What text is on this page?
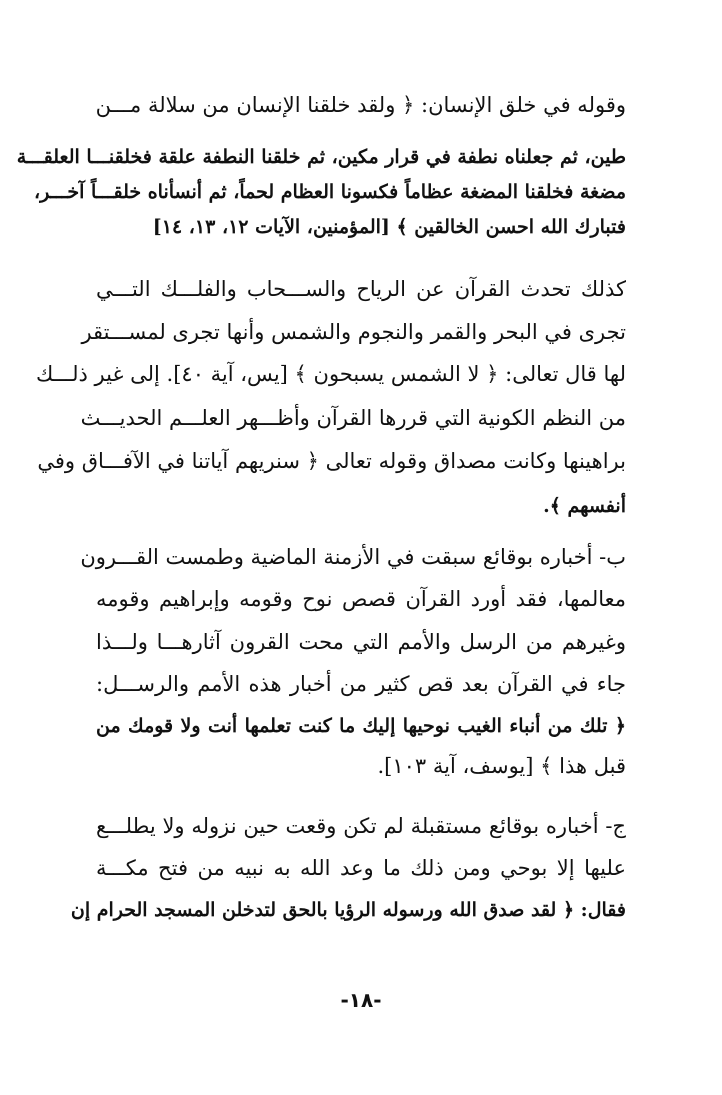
وقوله في خلق الإنسان: ﴿ ولقد خلقنا الإنسان من سلالة مـــن
طين، ثم جعلناه نطفة في قرار مكين، ثم خلقنا النطفة علقة فخلقنـــا العلقـــة
مضغة فخلقنا المضغة عظاماً فكسونا العظام لحماً، ثم أنسأناه خلقـــاً آخـــر،
فتبارك الله احسن الخالقين ﴾ [المؤمنين، الآيات ١٢، ١٣، ١٤]
كذلك تحدث القرآن عن الرياح والســـحاب والفلـــك التـــي
تجرى في البحر والقمر والنجوم والشمس وأنها تجرى لمســـتقر
لها قال تعالى: ﴿ لا الشمس يسبحون ﴾ [يس، آية ٤٠]. إلى غير ذلـــك
من النظم الكونية التي قررها القرآن وأظـــهر العلـــم الحديـــث
براهينها وكانت مصداق وقوله تعالى ﴿ سنريهم آياتنا في الآفـــاق وفي
أنفسهم ﴾.
ب- أخباره بوقائع سبقت في الأزمنة الماضية وطمست القـــرون
معالمها، فقد أورد القرآن قصص نوح وقومه وإبراهيم وقومه
وغيرهم من الرسل والأمم التي محت القرون آثارهـــا ولـــذا
جاء في القرآن بعد قص كثير من أخبار هذه الأمم والرســـل:
﴿ تلك من أنباء الغيب نوحيها إليك ما كنت تعلمها أنت ولا قومك من
قبل هذا ﴾ [يوسف، آية ١٠٣].
ج- أخباره بوقائع مستقبلة لم تكن وقعت حين نزوله ولا يطلـــع
عليها إلا بوحي ومن ذلك ما وعد الله به نبيه من فتح مكـــة
فقال: ﴿ لقد صدق الله ورسوله الرؤيا بالحق لتدخلن المسجد الحرام إن
-١٨-
